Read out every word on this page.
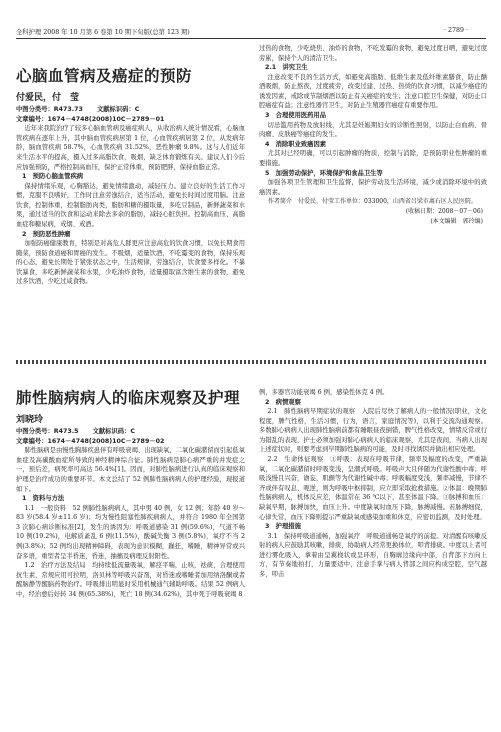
全科护理 2008 年 10 月第 6 卷第 10 期下旬版(总第 123 期)	· 2789 ·
心脑血管病及癌症的预防
付爱民，付　莹
中图分类号：R473.73 文献标识码：C
文章编号：1674－4748(2008)10C－2789－01

近年来我院治疗了较多心脑血管病及癌症病人，从收治病人统计情况看，心脑血管疾病在逐年上升，其中脑血管疾病居第 1 位，心血管疾病居第 2 位，从发病年龄，脑血管疾病 58.7%，心血管疾病 31.52%，恶性肿瘤 9.8%。这与人们近年来生活水平的提高，摄入过多高脂饮食，吸烟，缺乏体育锻炼有关。建议人们今后应加强预防，严格控制高血压，保护正常体重，预防肥胖，保持血脂正常。

1　预防心脑血管疾病

保持情绪乐观，心胸豁达，避免情绪激动，减轻压力。建立良好的生活工作习惯，克服不良嗜好，工作时注意劳逸结合，适当活动，避免长时间过度用脑。注意饮食，控制体重，控制脂肪肉类，脂肪和糖的摄取量，多吃豆制品，新鲜蔬菜和水果，通过适当的饮食和运动来除去多余的脂肪，减轻心脏负担。控制高血压、高脂血症和糖尿病，戒烟、戒酒。

2　预防恶性肿瘤

加强防癌健康教育，特别是对高危人群更应注意高危的饮食习惯，以免长期食用腌菜，预防食道癌和胃癌的发生。不吸烟，适量饮酒，不吃霉变的食物，保持乐观的心态，避免长期处于紧张状态之中，生活规律，劳逸结合，饮食要多样化。不暴饮暴食，多吃新鲜蔬菜和水果，少吃油炸食物，适量摄取富含维生素的食物，避免过多饮酒，少吃过咸食物。

过热的食物，少吃烧焦、油炸的食物，不吃发霉的食物，避免过度日晒，避免过度劳累，保持个人的清洁卫生。

2.1　讲究卫生

注意改变不良的生活方式，如避免高脂肪、低维生素及低纤维素膳食，防止酗酒吸烟，防止熬夜，过度疲劳，改变过建、过热、热烫的饮食习惯，以减少癌症的诱发因素，戒除或节制烟酒以防止有关癌症的发生；注意口腔卫生保健，对防止口腔癌症有益；注意性器官卫生，对防止生殖器官癌症有重要作用。

3　合理使用医药用品

切忌滥用药物及放射线，尤其是妊娠期妇女的诊断性照射，以防止白血病、骨肉瘤、皮肤癌等癌症的发生。

4　消除职业致癌因素

尤其对已经明确，可以引起肿瘤的物质，控制与消除，是预防职业性肿瘤的重要措施。

5　加强劳动保护，环境保护和食品卫生等

加强各项卫生管理和卫生监督，保护劳动及生活环境，减少或消除环境中的致癌因素。

作者简介　付爱民，付莹工作单位：033000，山西省吕梁市离石区人民医院。

(收稿日期：2008－07－06)

(本文编辑　郭玲编)

肺性脑病病人的临床观察及护理
刘晓玲
中图分类号：R473.5 文献标识码：C
文章编号：1674－4748(2008)10C－2789－02

肺性脑病是由慢性胸肺疾患伴有呼吸衰竭、出现缺氧，二氧化碳潴留而引起低氧血症及高碳酸血症所导致的神经精神综合征。肺性脑病是肺心病严重的并发症之一，预后差，病死率可高达 56.4%[1]。因而，对肺性脑病进行认真的临床观察和护理是治疗成功的重要环节。本文总结了 52 例肺性脑病病人的护理经验，现报道如下。

1　资料与方法

1.1　一般资料　52 例肺性脑病病人，其中男 40 例，女 12 例；年龄 40 岁～83 岁(58.4 岁±11.6 岁)；均为慢性阻塞性肺疾病病人，并符合 1980 年全国第 3 次肺心病诊断标准[2]，发生的诱因为：呼吸道感染 31 例(59.6%)，气道不畅 10 例(19.2%)，电解质紊乱 6 例(11.5%)，酸碱失衡 3 例(5.8%)，氧疗不当 2 例(3.8%)；52 例均出现精神障碍，表现为意识模糊，躁狂，嗜睡，精神异常或兴奋多语，重型者呈半昏迷，昏迷，抽搐及病理反射阳性。

1.2　治疗方法及结局　均持续低流量吸氧，解痉平喘，止咳，祛痰，合理使用抗生素，常规应用可拉明，洛贝林等呼吸兴奋剂，对昏迷或嗜睡者加用纳洛酮或者醒脑静等醒脑药物治疗。呼吸排出明显时采用机械通气辅助呼吸。结果 52 例病人中，经治愈后好转 34 例(65.38%)，死亡 18 例(34.62%)，其中死于呼吸衰竭 8

例，多器官功能衰竭 6 例，感染性休克 4 例。

2　病情观察

2.1　肺性脑病早期症状的观察　入院后尽快了解病人的一般情况(职业，文化程度，脾气性格，生活习惯，行为，语言，家庭情况等)，以利于交流沟通观察。多数肺心病病人出现肺性脑病前都有睡眠昼夜倒错，脾气性格改变，情绪反常或行为错乱的表现，护士必须加强对肺心病病人的临床观察，尤其是夜间，当病人出现上述症状时，则要考虑到早期肺性脑病的可能，及时寻找诱因并做出相应处理。

2.2　生命体征观察　①呼吸：表现在呼吸节律，频率及幅度的改变，严重缺氧，二氧化碳潴留时呼吸变浅，呈潮式呼吸。呼吸声大且伴随为代谢性酸中毒；呼吸浅慢且兴奋，谵妄，肌颤等为代谢性碱中毒；呼吸幅度变浅，频率减慢，节律不齐或伴有叹息、呃逆，则为呼吸中枢抑制，应立即采取抢救措施。②体温：晚期肺性脑病病人，机体反应差，体温常在 36 ℃以下，甚至体温下降。③脉搏和血压：缺氧早期，脉搏加快，血压上升。中度缺氧时血压下降，脉搏减慢。若脉搏细促，心律失常，血压下降则提示严重缺氧或感染加重和休克，应密切监测，及时处理。

3　护理措施

3.1　保持呼吸道通畅，加强氧疗　呼吸道通畅是氧疗的前提。对清醒有咳嗽反射的病人应鼓励其咳嗽，排痰，协助病人经常更换体位，叩背排痰。中度以上者可进行雾化吸入，拿着由呈翼桡状或呈环形，自胸廓边缘向中部，自背部下方向上方，有节奏地拍打，力量要适中，注意手掌与病人背部之间应构成空腔，空气越多，叩击
